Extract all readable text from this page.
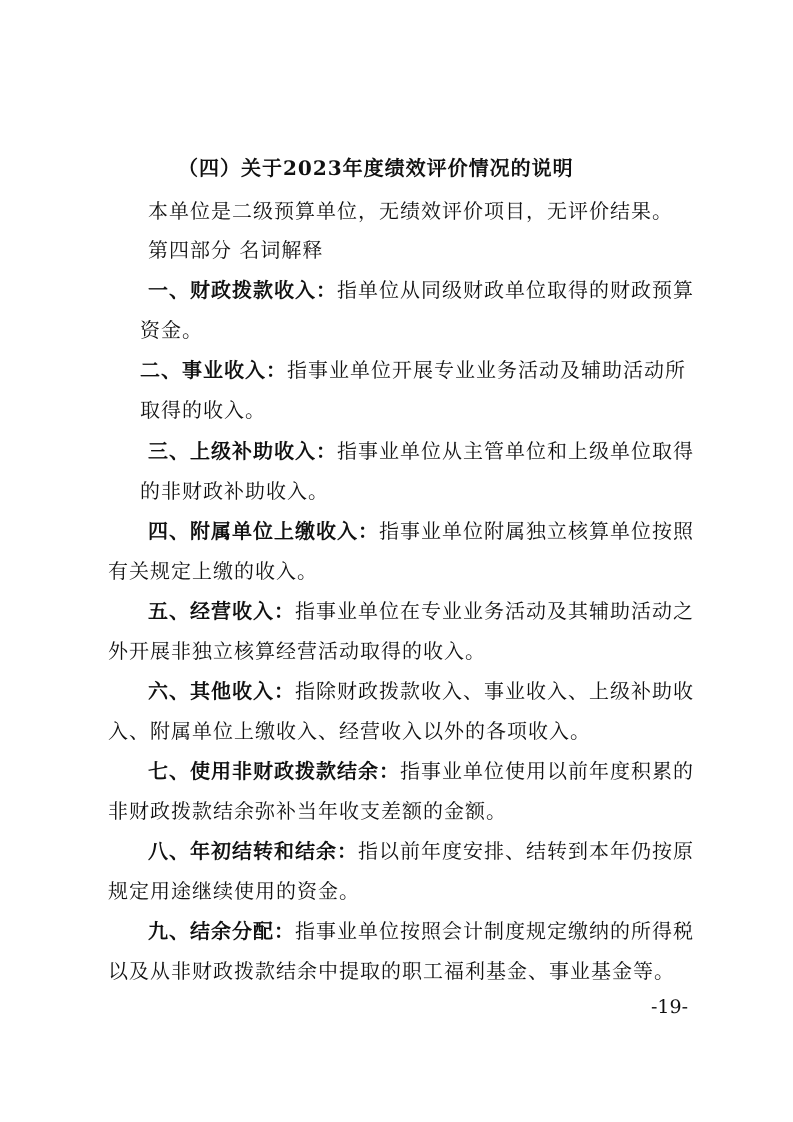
（四）关于2023年度绩效评价情况的说明
本单位是二级预算单位，无绩效评价项目，无评价结果。
第四部分 名词解释
一、财政拨款收入：指单位从同级财政单位取得的财政预算
资金。
二、事业收入：指事业单位开展专业业务活动及辅助活动所
取得的收入。
三、上级补助收入：指事业单位从主管单位和上级单位取得
的非财政补助收入。
四、附属单位上缴收入：指事业单位附属独立核算单位按照
有关规定上缴的收入。
五、经营收入：指事业单位在专业业务活动及其辅助活动之
外开展非独立核算经营活动取得的收入。
六、其他收入：指除财政拨款收入、事业收入、上级补助收
入、附属单位上缴收入、经营收入以外的各项收入。
七、使用非财政拨款结余：指事业单位使用以前年度积累的
非财政拨款结余弥补当年收支差额的金额。
八、年初结转和结余：指以前年度安排、结转到本年仍按原
规定用途继续使用的资金。
九、结余分配：指事业单位按照会计制度规定缴纳的所得税
以及从非财政拨款结余中提取的职工福利基金、事业基金等。
-19-
